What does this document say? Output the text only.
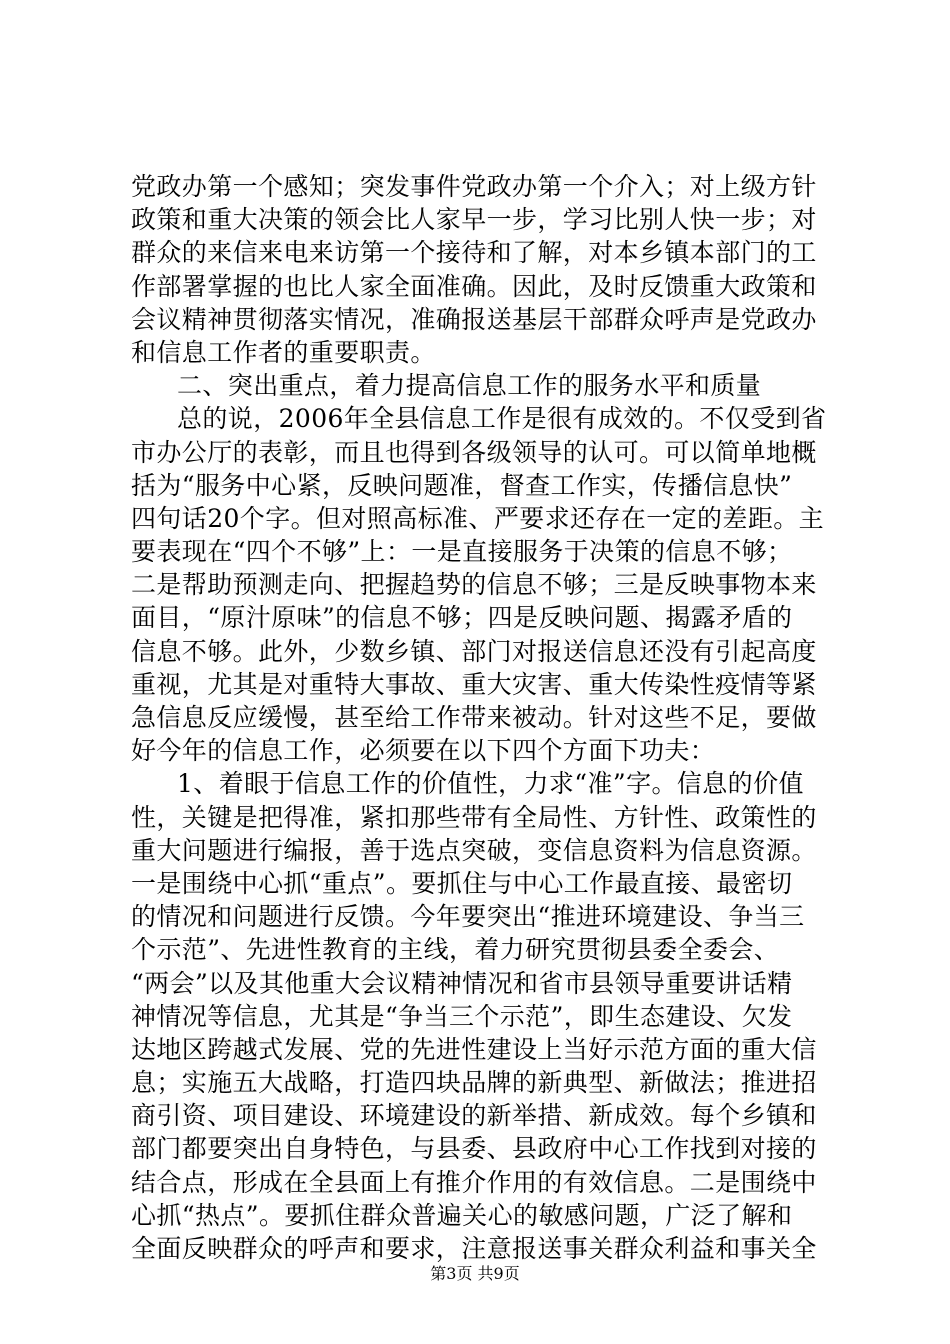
党政办第一个感知；突发事件党政办第一个介入；对上级方针
政策和重大决策的领会比人家早一步，学习比别人快一步；对
群众的来信来电来访第一个接待和了解，对本乡镇本部门的工
作部署掌握的也比人家全面准确。因此，及时反馈重大政策和
会议精神贯彻落实情况，准确报送基层干部群众呼声是党政办
和信息工作者的重要职责。
二、突出重点，着力提高信息工作的服务水平和质量
总的说，2006年全县信息工作是很有成效的。不仅受到省
市办公厅的表彰，而且也得到各级领导的认可。可以简单地概
括为“服务中心紧，反映问题准，督查工作实，传播信息快”
四句话20个字。但对照高标准、严要求还存在一定的差距。主
要表现在“四个不够”上：一是直接服务于决策的信息不够；
二是帮助预测走向、把握趋势的信息不够；三是反映事物本来
面目，“原汁原味”的信息不够；四是反映问题、揭露矛盾的
信息不够。此外，少数乡镇、部门对报送信息还没有引起高度
重视，尤其是对重特大事故、重大灾害、重大传染性疫情等紧
急信息反应缓慢，甚至给工作带来被动。针对这些不足，要做
好今年的信息工作，必须要在以下四个方面下功夫：
1、着眼于信息工作的价值性，力求“准”字。信息的价值
性，关键是把得准，紧扣那些带有全局性、方针性、政策性的
重大问题进行编报，善于选点突破，变信息资料为信息资源。
一是围绕中心抓“重点”。要抓住与中心工作最直接、最密切
的情况和问题进行反馈。今年要突出“推进环境建设、争当三
个示范”、先进性教育的主线，着力研究贯彻县委全委会、
“两会”以及其他重大会议精神情况和省市县领导重要讲话精
神情况等信息，尤其是“争当三个示范”，即生态建设、欠发
达地区跨越式发展、党的先进性建设上当好示范方面的重大信
息；实施五大战略，打造四块品牌的新典型、新做法；推进招
商引资、项目建设、环境建设的新举措、新成效。每个乡镇和
部门都要突出自身特色，与县委、县政府中心工作找到对接的
结合点，形成在全县面上有推介作用的有效信息。二是围绕中
心抓“热点”。要抓住群众普遍关心的敏感问题，广泛了解和
全面反映群众的呼声和要求，注意报送事关群众利益和事关全
第3页 共9页
